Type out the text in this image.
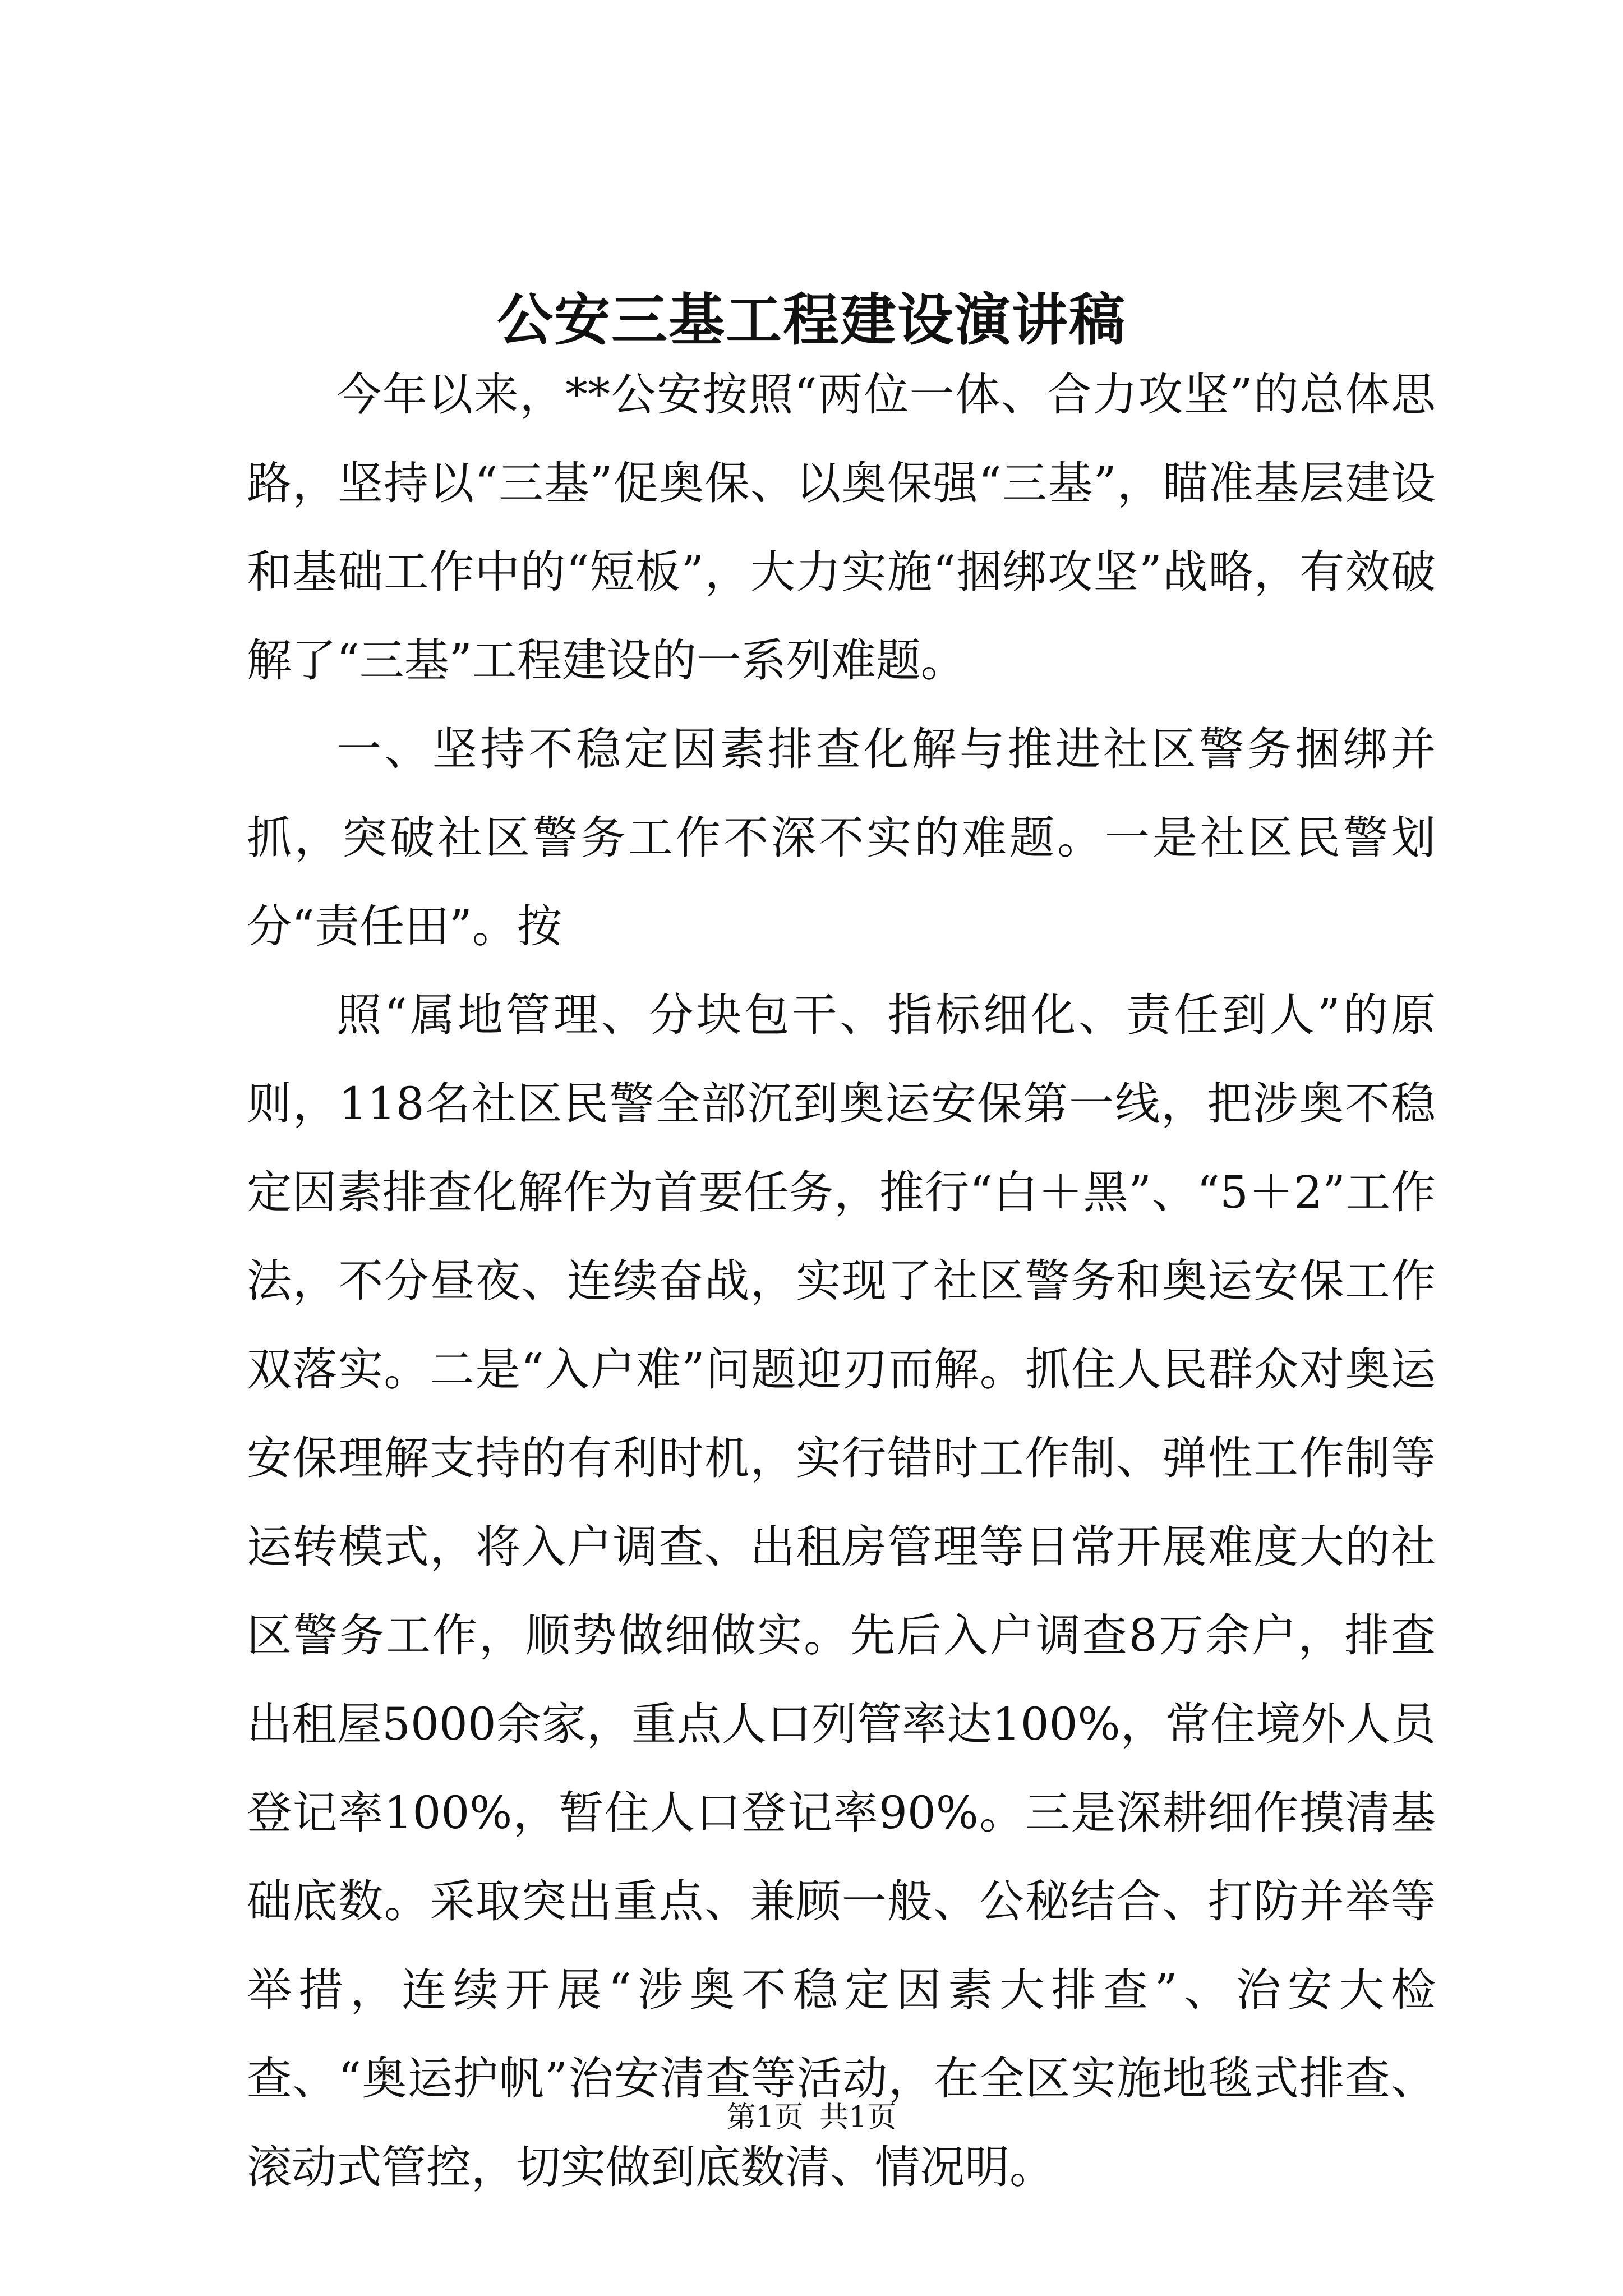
公安三基工程建设演讲稿

今年以来，**公安按照“两位一体、合力攻坚”的总体思路，坚持以“三基”促奥保、以奥保强“三基”，瞄准基层建设和基础工作中的“短板”，大力实施“捆绑攻坚”战略，有效破解了“三基”工程建设的一系列难题。

一、坚持不稳定因素排查化解与推进社区警务捆绑并抓，突破社区警务工作不深不实的难题。一是社区民警划分“责任田”。按

照“属地管理、分块包干、指标细化、责任到人”的原则，118名社区民警全部沉到奥运安保第一线，把涉奥不稳定因素排查化解作为首要任务，推行“白＋黑”、“5＋2”工作法，不分昼夜、连续奋战，实现了社区警务和奥运安保工作双落实。二是“入户难”问题迎刃而解。抓住人民群众对奥运安保理解支持的有利时机，实行错时工作制、弹性工作制等运转模式，将入户调查、出租房管理等日常开展难度大的社区警务工作，顺势做细做实。先后入户调查8万余户，排查出租屋5000余家，重点人口列管率达100%，常住境外人员登记率100%，暂住人口登记率90%。三是深耕细作摸清基础底数。采取突出重点、兼顾一般、公秘结合、打防并举等举措，连续开展“涉奥不稳定因素大排查”、治安大检查、“奥运护帆”治安清查等活动，在全区实施地毯式排查、滚动式管控，切实做到底数清、情况明。

第1页 共1页
